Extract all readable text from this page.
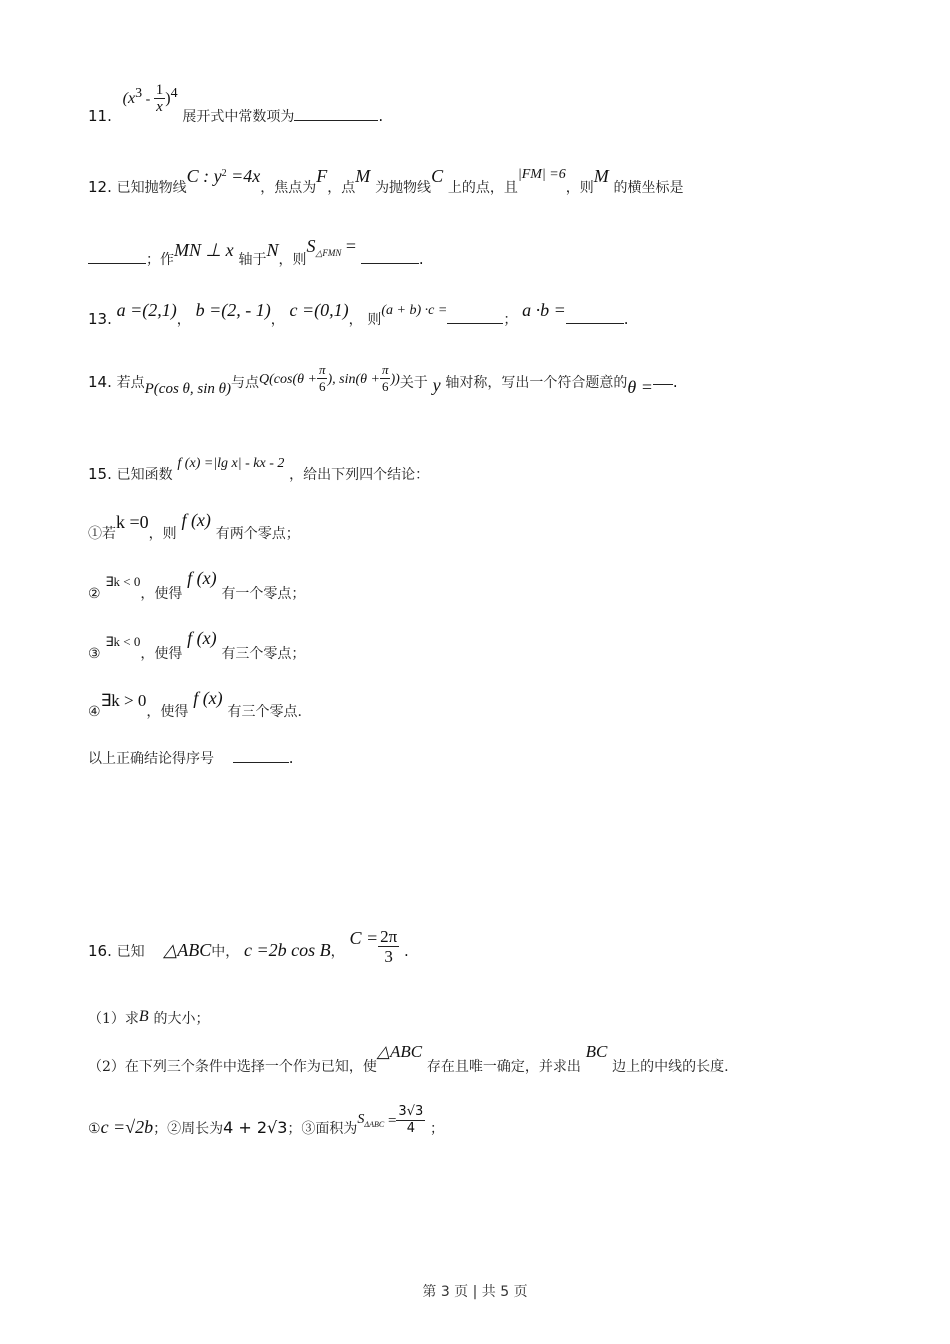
11. $(x^3 - \frac{1}{x} )^4$ 展开式中常数项为	.
12. 已知抛物线C : $y^2 =4x$，焦点为F，点M 为抛物线C 上的点，且|FM| =6，则M 的横坐标是
；作MN ⊥ x 轴于N，则$S_{\triangle FMN}$ = .
13. a =(2,1)， b =(2, - 1)， c =(0,1)， 则(a + b) ·c =； a ·b =	.
14. 若点P(cos θ, sin θ)与点$Q(\cos(\theta + \frac{\pi}{6}$ ), $\sin(\theta + \frac{\pi}{6}$ ))关于 y 轴对称，写出一个符合题意的θ = .
15. 已知函数 f (x) =|lg x| - kx - 2 ，给出下列四个结论：
①若k =0，则 f (x) 有两个零点；
② ∃k < 0，使得 f (x) 有一个零点；
③ ∃k < 0，使得 f (x) 有三个零点；
④∃k > 0，使得 f (x) 有三个零点.
以上正确结论得序号	.
16. 已知 △ABC中， c =2b cos B， $C = \frac{2\pi}{3}$ .
（1）求B 的大小；
（2）在下列三个条件中选择一个作为已知，使△ABC 存在且唯一确定，并求出 BC 边上的中线的长度.
①c =√2b；②周长为4 + 2√3；③面积为$S_{\Delta ABC} = \frac{3√3}{4}$ ；
第 3 页 | 共 5 页
